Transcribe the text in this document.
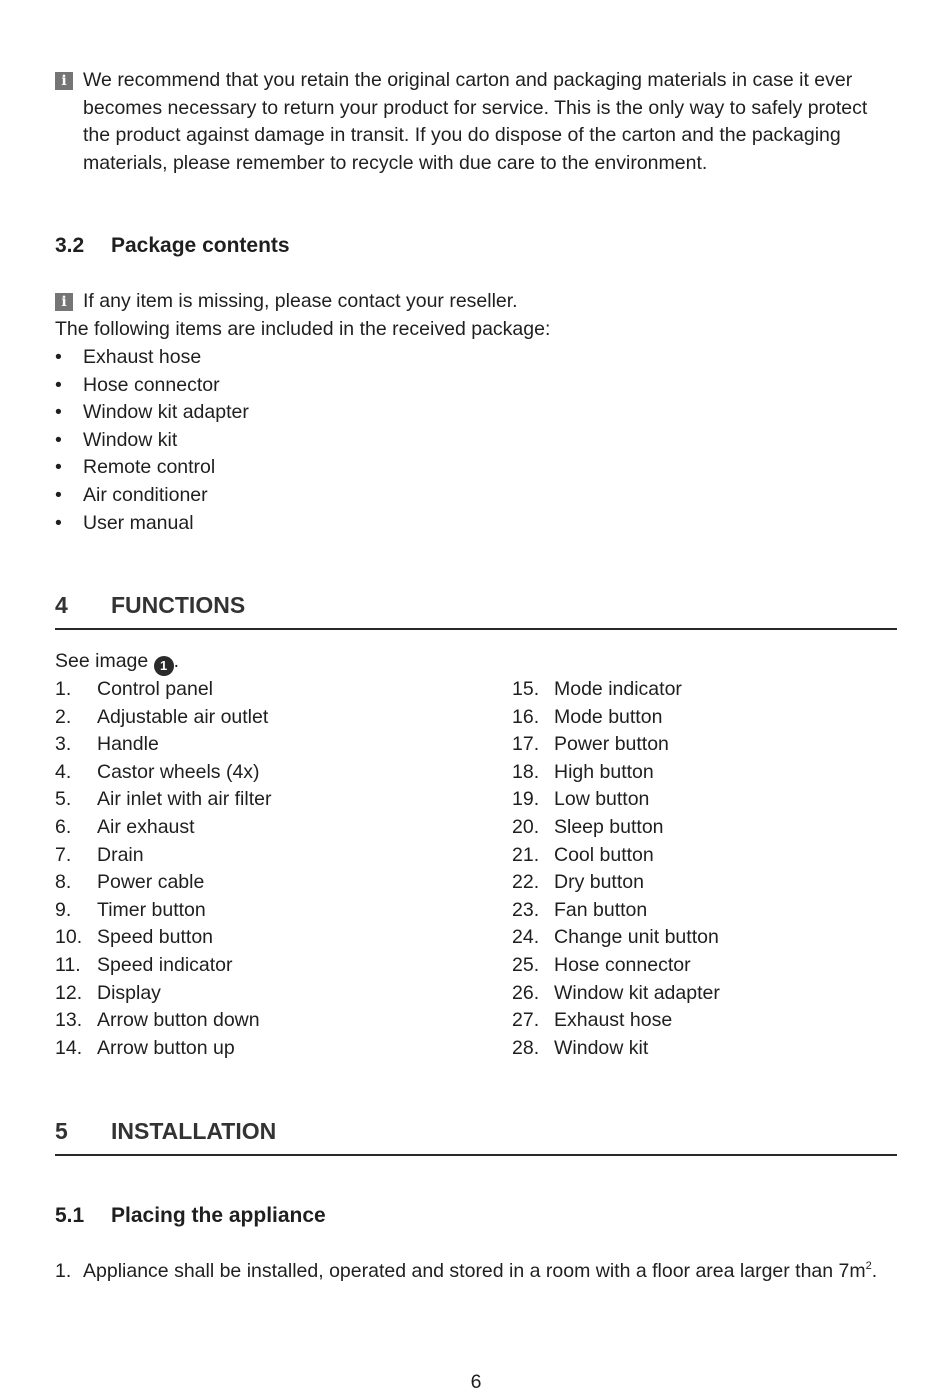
i We recommend that you retain the original carton and packaging materials in case it ever becomes necessary to return your product for service. This is the only way to safely protect the product against damage in transit. If you do dispose of the carton and the packaging materials, please remember to recycle with due care to the environment.
3.2 Package contents
i If any item is missing, please contact your reseller.
The following items are included in the received package:
• Exhaust hose
• Hose connector
• Window kit adapter
• Window kit
• Remote control
• Air conditioner
• User manual
4 FUNCTIONS
See image 1 .
1. Control panel
2. Adjustable air outlet
3. Handle
4. Castor wheels (4x)
5. Air inlet with air filter
6. Air exhaust
7. Drain
8. Power cable
9. Timer button
10. Speed button
11. Speed indicator
12. Display
13. Arrow button down
14. Arrow button up
15. Mode indicator
16. Mode button
17. Power button
18. High button
19. Low button
20. Sleep button
21. Cool button
22. Dry button
23. Fan button
24. Change unit button
25. Hose connector
26. Window kit adapter
27. Exhaust hose
28. Window kit
5 INSTALLATION
5.1 Placing the appliance
1. Appliance shall be installed, operated and stored in a room with a floor area larger than $7m^2$.
6
